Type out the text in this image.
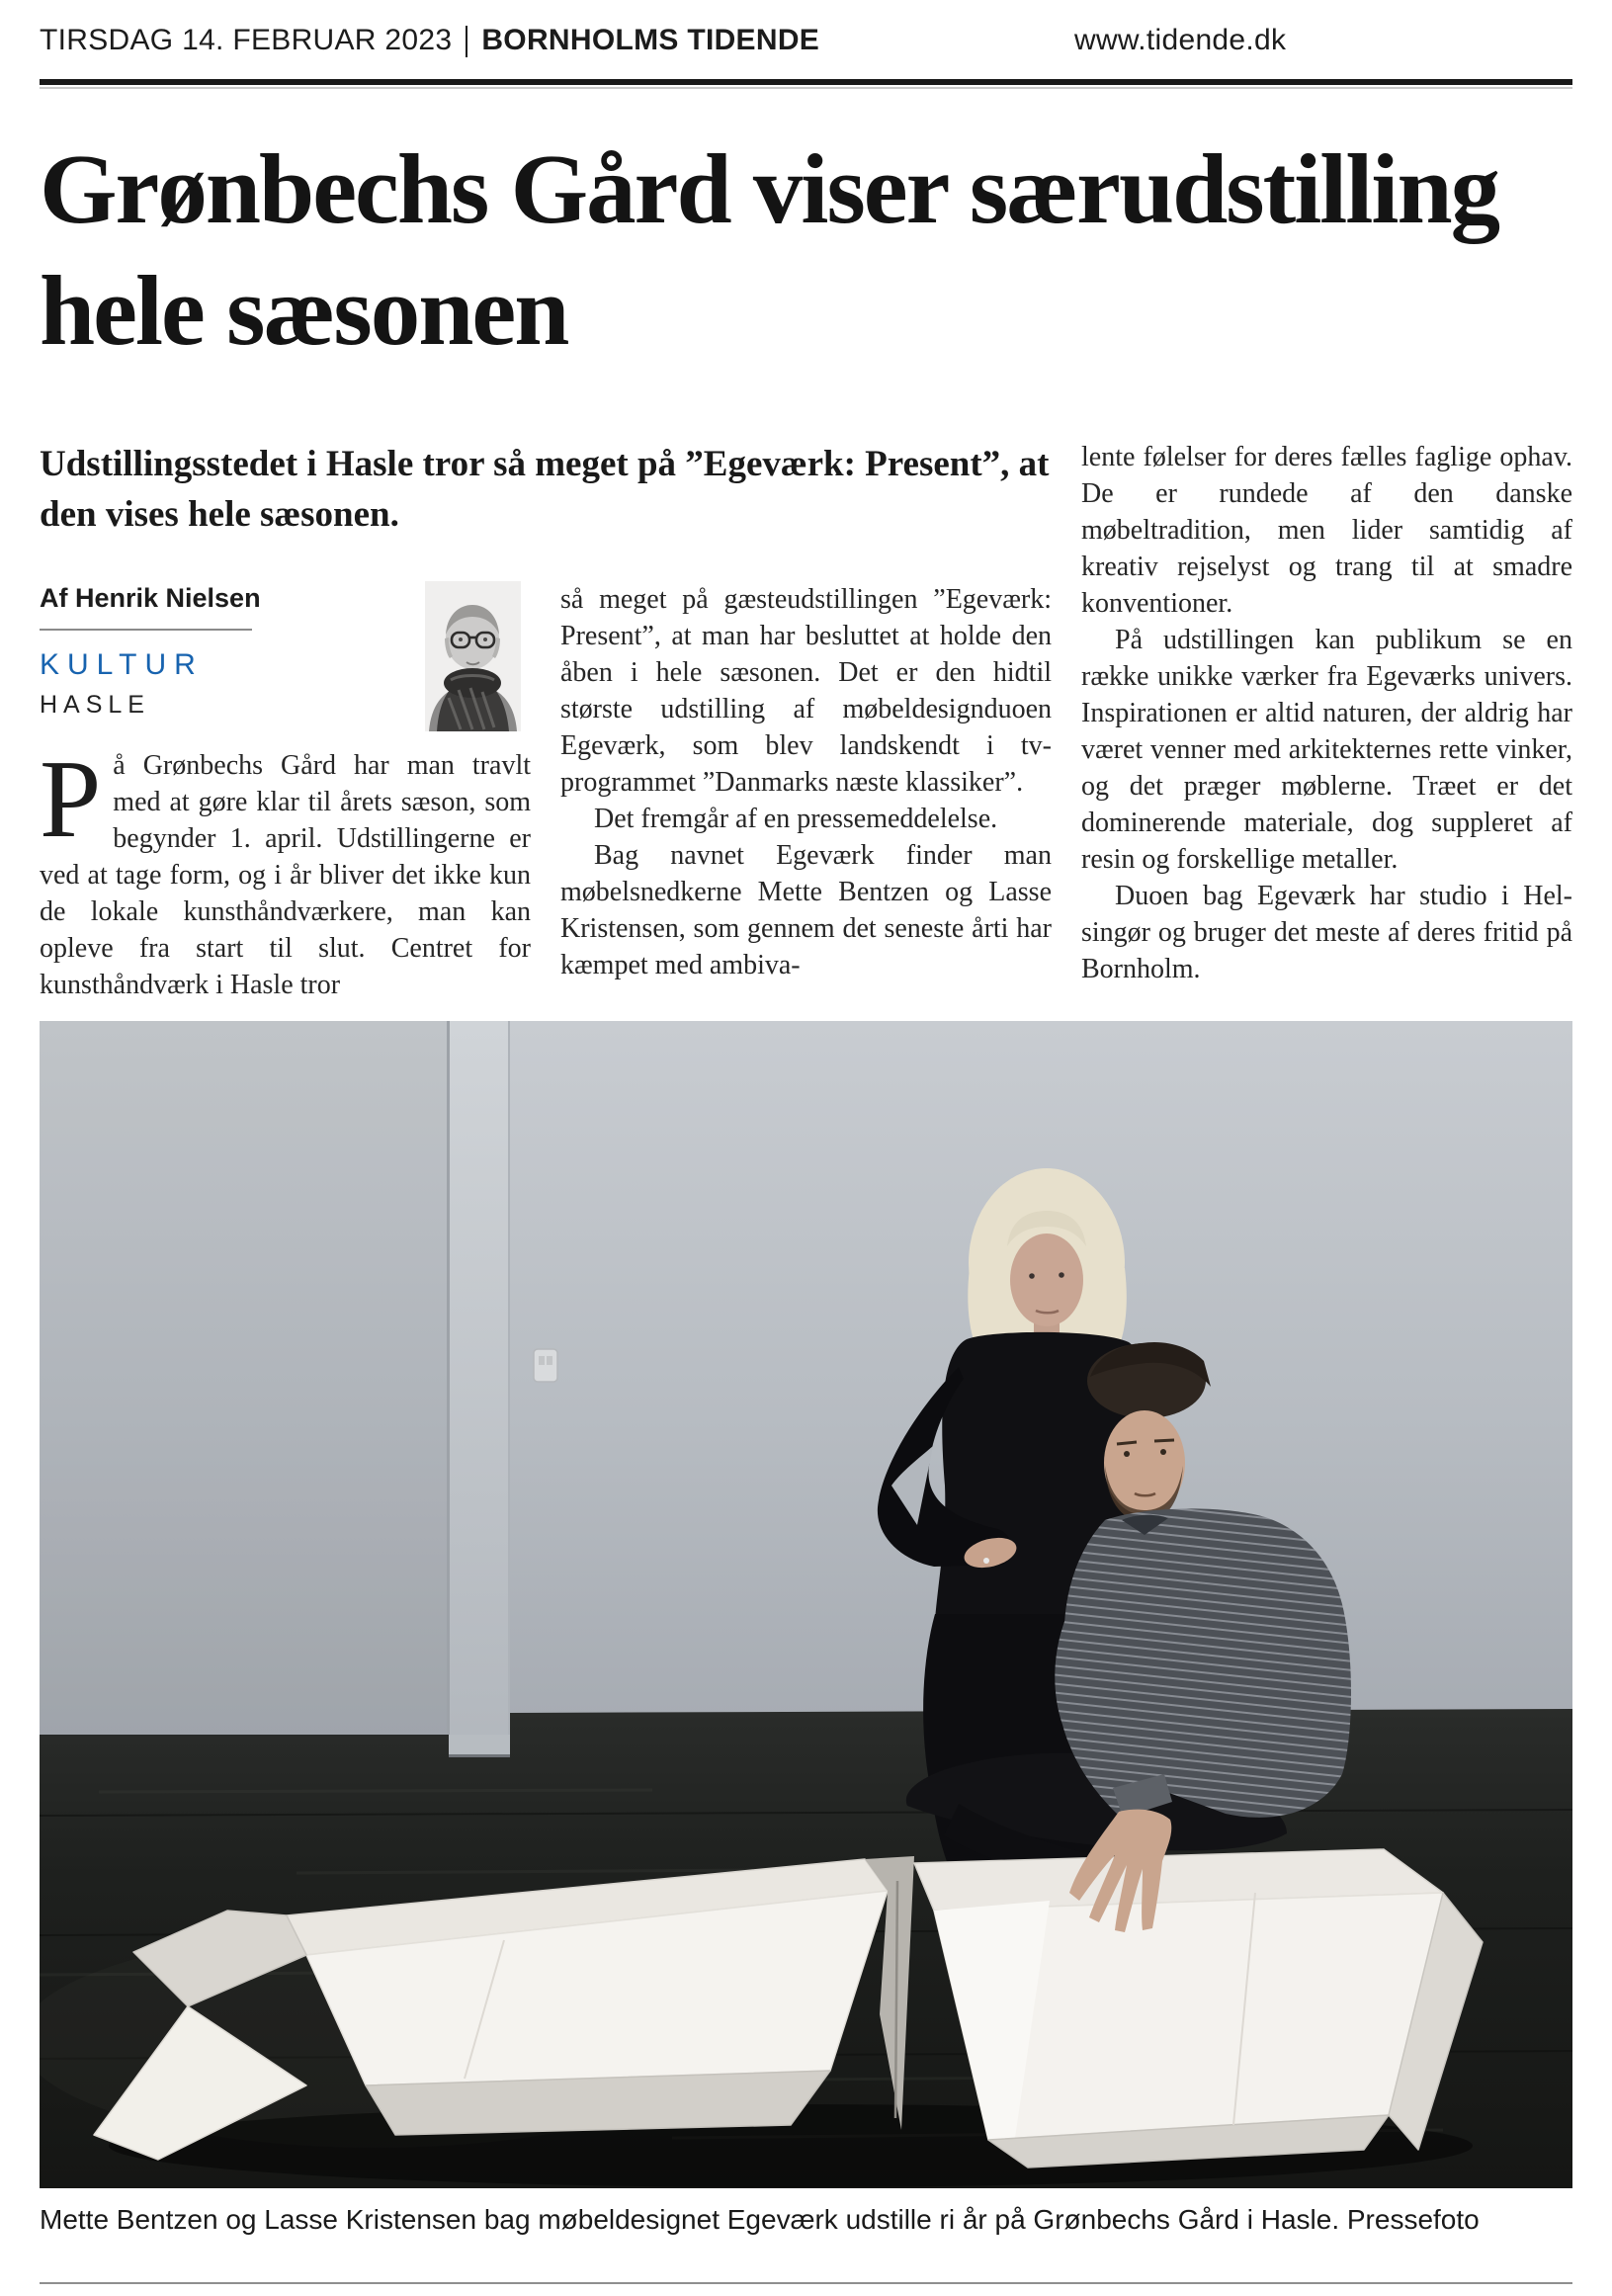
TIRSDAG 14. FEBRUAR 2023 BORNHOLMS TIDENDE	www.tidende.dk
Grønbechs Gård viser særudstilling hele sæsonen
Udstillingsstedet i Hasle tror så meget på ”Egeværk: Present”, at den vises hele sæsonen.
Af Henrik Nielsen
KULTUR
HASLE

På Grønbechs Gård har man travlt med at gøre klar til årets sæson, som begynder 1. april. Udstillingerne er ved at tage form, og i år bliver det ikke kun de lokale kunsthåndværkere, man kan opleve fra start til slut. Centret for kunsthåndværk i Hasle tror

så meget på gæsteudstillingen ”Egeværk: Present”, at man har besluttet at holde den åben i hele sæsonen. Det er den hidtil største udstilling af møbeldesignduoen Egeværk, som blev landskendt i tv-programmet ”Danmarks næste klassiker”.

Det fremgår af en pressemeddelelse.

Bag navnet Egeværk finder man møbelsnedkerne Mette Bentzen og Lasse Kristensen, som gennem det seneste årti har kæmpet med ambiva-

lente følelser for deres fælles faglige ophav. De er rundede af den danske møbeltradition, men lider samtidig af kreativ rejselyst og trang til at smadre konventioner.

På udstillingen kan publikum se en række unikke værker fra Egeværks univers. Inspirationen er altid naturen, der aldrig har været venner med arkitekternes rette vinker, og det præger møblerne. Træet er det dominerende materiale, dog suppleret af resin og forskellige metaller.

Duoen bag Egeværk har studio i Helsingør og bruger det meste af deres fritid på Bornholm.

Mette Bentzen og Lasse Kristensen bag møbeldesignet Egeværk udstille ri år på Grønbechs Gård i Hasle. Pressefoto
